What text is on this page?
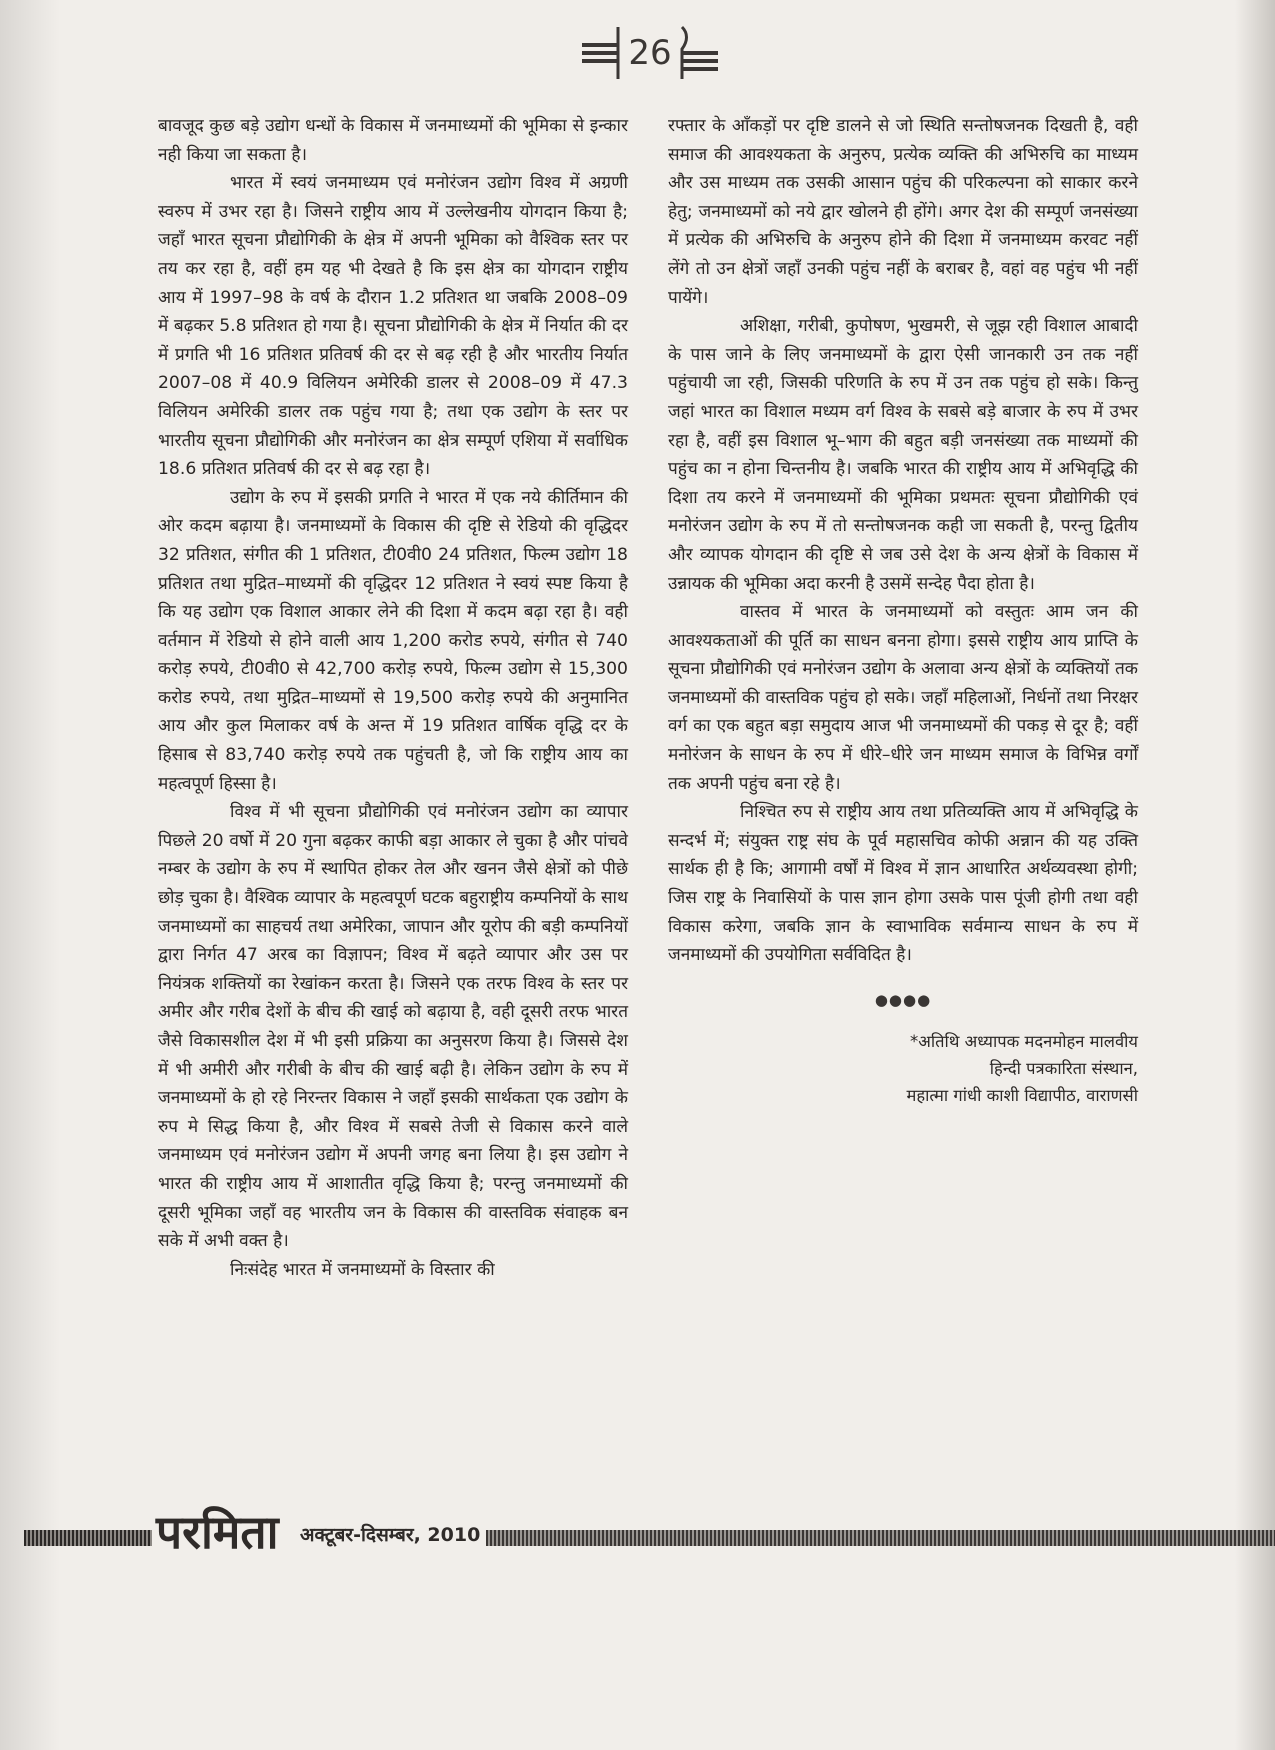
26

बावजूद कुछ बड़े उद्योग धन्धों के विकास में जनमाध्यमों की भूमिका से इन्कार नही किया जा सकता है।

भारत में स्वयं जनमाध्यम एवं मनोरंजन उद्योग विश्व में अग्रणी स्वरुप में उभर रहा है। जिसने राष्ट्रीय आय में उल्लेखनीय योगदान किया है; जहाँ भारत सूचना प्रौद्योगिकी के क्षेत्र में अपनी भूमिका को वैश्विक स्तर पर तय कर रहा है, वहीं हम यह भी देखते है कि इस क्षेत्र का योगदान राष्ट्रीय आय में 1997–98 के वर्ष के दौरान 1.2 प्रतिशत था जबकि 2008–09 में बढ़कर 5.8 प्रतिशत हो गया है। सूचना प्रौद्योगिकी के क्षेत्र में निर्यात की दर में प्रगति भी 16 प्रतिशत प्रतिवर्ष की दर से बढ़ रही है और भारतीय निर्यात 2007–08 में 40.9 विलियन अमेरिकी डालर से 2008–09 में 47.3 विलियन अमेरिकी डालर तक पहुंच गया है; तथा एक उद्योग के स्तर पर भारतीय सूचना प्रौद्योगिकी और मनोरंजन का क्षेत्र सम्पूर्ण एशिया में सर्वाधिक 18.6 प्रतिशत प्रतिवर्ष की दर से बढ़ रहा है।

उद्योग के रुप में इसकी प्रगति ने भारत में एक नये कीर्तिमान की ओर कदम बढ़ाया है। जनमाध्यमों के विकास की दृष्टि से रेडियो की वृद्धिदर 32 प्रतिशत, संगीत की 1 प्रतिशत, टी0वी0 24 प्रतिशत, फिल्म उद्योग 18 प्रतिशत तथा मुद्रित–माध्यमों की वृद्धिदर 12 प्रतिशत ने स्वयं स्पष्ट किया है कि यह उद्योग एक विशाल आकार लेने की दिशा में कदम बढ़ा रहा है। वही वर्तमान में रेडियो से होने वाली आय 1,200 करोड रुपये, संगीत से 740 करोड़ रुपये, टी0वी0 से 42,700 करोड़ रुपये, फिल्म उद्योग से 15,300 करोड रुपये, तथा मुद्रित–माध्यमों से 19,500 करोड़ रुपये की अनुमानित आय और कुल मिलाकर वर्ष के अन्त में 19 प्रतिशत वार्षिक वृद्धि दर के हिसाब से 83,740 करोड़ रुपये तक पहुंचती है, जो कि राष्ट्रीय आय का महत्वपूर्ण हिस्सा है।

विश्व में भी सूचना प्रौद्योगिकी एवं मनोरंजन उद्योग का व्यापार पिछले 20 वर्षो में 20 गुना बढ़कर काफी बड़ा आकार ले चुका है और पांचवे नम्बर के उद्योग के रुप में स्थापित होकर तेल और खनन जैसे क्षेत्रों को पीछे छोड़ चुका है। वैश्विक व्यापार के महत्वपूर्ण घटक बहुराष्ट्रीय कम्पनियों के साथ जनमाध्यमों का साहचर्य तथा अमेरिका, जापान और यूरोप की बड़ी कम्पनियों द्वारा निर्गत 47 अरब का विज्ञापन; विश्व में बढ़ते व्यापार और उस पर नियंत्रक शक्तियों का रेखांकन करता है। जिसने एक तरफ विश्व के स्तर पर अमीर और गरीब देशों के बीच की खाई को बढ़ाया है, वही दूसरी तरफ भारत जैसे विकासशील देश में भी इसी प्रक्रिया का अनुसरण किया है। जिससे देश में भी अमीरी और गरीबी के बीच की खाई बढ़ी है। लेकिन उद्योग के रुप में जनमाध्यमों के हो रहे निरन्तर विकास ने जहाँ इसकी सार्थकता एक उद्योग के रुप मे सिद्ध किया है, और विश्व में सबसे तेजी से विकास करने वाले जनमाध्यम एवं मनोरंजन उद्योग में अपनी जगह बना लिया है। इस उद्योग ने भारत की राष्ट्रीय आय में आशातीत वृद्धि किया है; परन्तु जनमाध्यमों की दूसरी भूमिका जहाँ वह भारतीय जन के विकास की वास्तविक संवाहक बन सके में अभी वक्त है।

निःसंदेह भारत में जनमाध्यमों के विस्तार की

रफ्तार के आँकड़ों पर दृष्टि डालने से जो स्थिति सन्तोषजनक दिखती है, वही समाज की आवश्यकता के अनुरुप, प्रत्येक व्यक्ति की अभिरुचि का माध्यम और उस माध्यम तक उसकी आसान पहुंच की परिकल्पना को साकार करने हेतु; जनमाध्यमों को नये द्वार खोलने ही होंगे। अगर देश की सम्पूर्ण जनसंख्या में प्रत्येक की अभिरुचि के अनुरुप होने की दिशा में जनमाध्यम करवट नहीं लेंगे तो उन क्षेत्रों जहाँ उनकी पहुंच नहीं के बराबर है, वहां वह पहुंच भी नहीं पायेंगे।

अशिक्षा, गरीबी, कुपोषण, भुखमरी, से जूझ रही विशाल आबादी के पास जाने के लिए जनमाध्यमों के द्वारा ऐसी जानकारी उन तक नहीं पहुंचायी जा रही, जिसकी परिणति के रुप में उन तक पहुंच हो सके। किन्तु जहां भारत का विशाल मध्यम वर्ग विश्व के सबसे बड़े बाजार के रुप में उभर रहा है, वहीं इस विशाल भू–भाग की बहुत बड़ी जनसंख्या तक माध्यमों की पहुंच का न होना चिन्तनीय है। जबकि भारत की राष्ट्रीय आय में अभिवृद्धि की दिशा तय करने में जनमाध्यमों की भूमिका प्रथमतः सूचना प्रौद्योगिकी एवं मनोरंजन उद्योग के रुप में तो सन्तोषजनक कही जा सकती है, परन्तु द्वितीय और व्यापक योगदान की दृष्टि से जब उसे देश के अन्य क्षेत्रों के विकास में उन्नायक की भूमिका अदा करनी है उसमें सन्देह पैदा होता है।

वास्तव में भारत के जनमाध्यमों को वस्तुतः आम जन की आवश्यकताओं की पूर्ति का साधन बनना होगा। इससे राष्ट्रीय आय प्राप्ति के सूचना प्रौद्योगिकी एवं मनोरंजन उद्योग के अलावा अन्य क्षेत्रों के व्यक्तियों तक जनमाध्यमों की वास्तविक पहुंच हो सके। जहाँ महिलाओं, निर्धनों तथा निरक्षर वर्ग का एक बहुत बड़ा समुदाय आज भी जनमाध्यमों की पकड़ से दूर है; वहीं मनोरंजन के साधन के रुप में धीरे–धीरे जन माध्यम समाज के विभिन्न वर्गों तक अपनी पहुंच बना रहे है।

निश्चित रुप से राष्ट्रीय आय तथा प्रतिव्यक्ति आय में अभिवृद्धि के सन्दर्भ में; संयुक्त राष्ट्र संघ के पूर्व महासचिव कोफी अन्नान की यह उक्ति सार्थक ही है कि; आगामी वर्षों में विश्व में ज्ञान आधारित अर्थव्यवस्था होगी; जिस राष्ट्र के निवासियों के पास ज्ञान होगा उसके पास पूंजी होगी तथा वही विकास करेगा, जबकि ज्ञान के स्वाभाविक सर्वमान्य साधन के रुप में जनमाध्यमों की उपयोगिता सर्वविदित है।

●●●●
*अतिथि अध्यापक मदनमोहन मालवीय
हिन्दी पत्रकारिता संस्थान,
महात्मा गांधी काशी विद्यापीठ, वाराणसी
परमिता अक्टूबर-दिसम्बर, 2010
